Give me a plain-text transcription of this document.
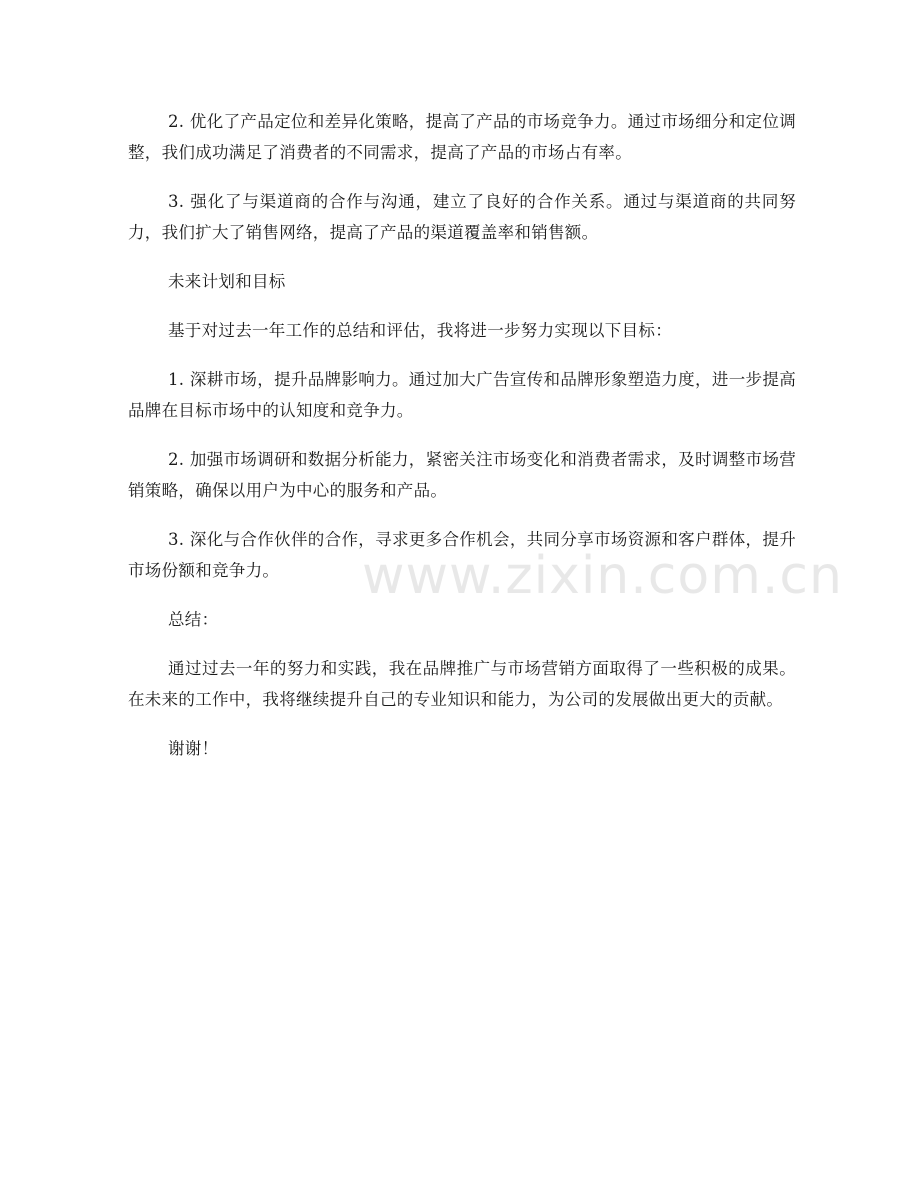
2. 优化了产品定位和差异化策略，提高了产品的市场竞争力。通过市场细分和定位调整，我们成功满足了消费者的不同需求，提高了产品的市场占有率。

3. 强化了与渠道商的合作与沟通，建立了良好的合作关系。通过与渠道商的共同努力，我们扩大了销售网络，提高了产品的渠道覆盖率和销售额。

未来计划和目标

基于对过去一年工作的总结和评估，我将进一步努力实现以下目标：

1. 深耕市场，提升品牌影响力。通过加大广告宣传和品牌形象塑造力度，进一步提高品牌在目标市场中的认知度和竞争力。

2. 加强市场调研和数据分析能力，紧密关注市场变化和消费者需求，及时调整市场营销策略，确保以用户为中心的服务和产品。

3. 深化与合作伙伴的合作，寻求更多合作机会，共同分享市场资源和客户群体，提升市场份额和竞争力。

总结：

通过过去一年的努力和实践，我在品牌推广与市场营销方面取得了一些积极的成果。在未来的工作中，我将继续提升自己的专业知识和能力，为公司的发展做出更大的贡献。

谢谢！

www.zixin.com.cn
